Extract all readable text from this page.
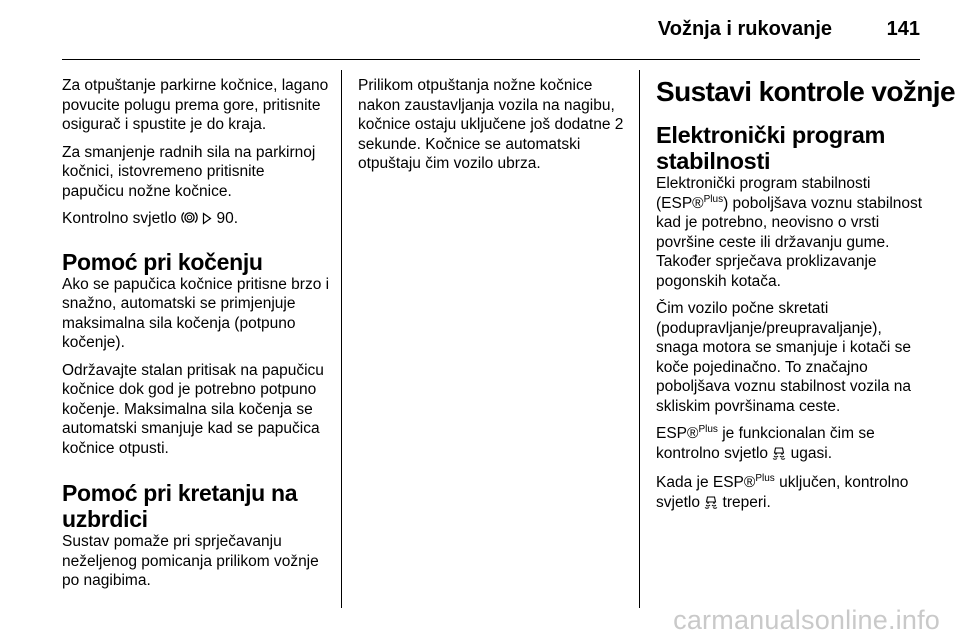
Vožnja i rukovanje	141

Za otpuštanje parkirne kočnice, lagano povucite polugu prema gore, pritisnite osigurač i spustite je do kraja.

Za smanjenje radnih sila na parkirnoj kočnici, istovremeno pritisnite papučicu nožne kočnice.

Kontrolno svjetlo	90.

Pomoć pri kočenju

Ako se papučica kočnice pritisne brzo i snažno, automatski se primjenjuje maksimalna sila kočenja (potpuno kočenje).

Održavajte stalan pritisak na papučicu kočnice dok god je potrebno potpuno kočenje. Maksimalna sila kočenja se automatski smanjuje kad se papučica kočnice otpusti.

Pomoć pri kretanju na uzbrdici

Sustav pomaže pri sprječavanju neželjenog pomicanja prilikom vožnje po nagibima.

Prilikom otpuštanja nožne kočnice nakon zaustavljanja vozila na nagibu, kočnice ostaju uključene još dodatne 2 sekunde. Kočnice se automatski otpuštaju čim vozilo ubrza.

Sustavi kontrole vožnje
Elektronički program stabilnosti

Elektronički program stabilnosti (ESP®$^{Plus}$) poboljšava voznu stabilnost kad je potrebno, neovisno o vrsti površine ceste ili državanju gume. Također sprječava proklizavanje pogonskih kotača.

Čim vozilo počne skretati (podupravljanje/preupravaljanje), snaga motora se smanjuje i kotači se koče pojedinačno. To značajno poboljšava voznu stabilnost vozila na skliskim površinama ceste.

ESP®$^{Plus}$ je funkcionalan čim se kontrolno svjetlo  ugasi.

Kada je ESP®$^{Plus}$ uključen, kontrolno svjetlo  treperi.

carmanualsonline.info
